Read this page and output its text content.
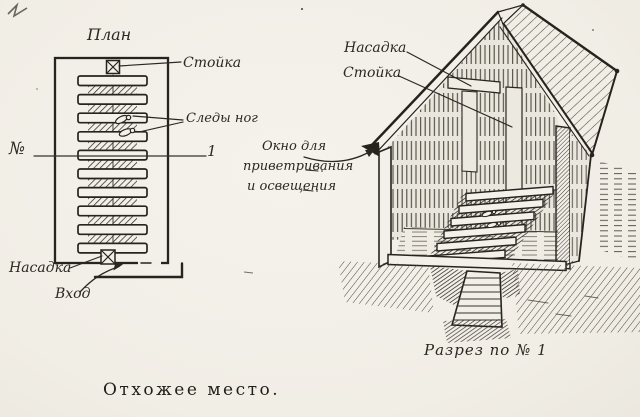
План
Стойка
Следы ног
№	1
Насадка
Вход
Насадка
Стойка
Окно для
приветривания
и освещения
Разрез по № 1
Отхожее место.
